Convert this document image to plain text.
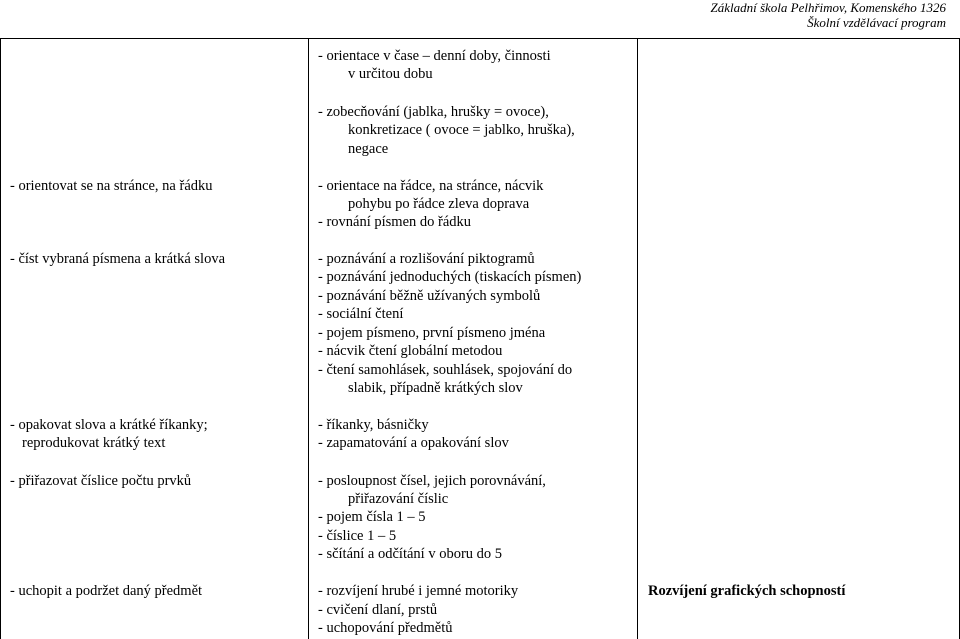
Základní škola Pelhřimov, Komenského 1326
Školní vzdělávací program
- orientovat se na stránce, na řádku
- číst vybraná písmena a krátká slova
- opakovat slova a krátké říkanky;
reprodukovat krátký text
- přiřazovat číslice počtu prvků
- uchopit a podržet daný předmět
- orientace v čase – denní doby, činnosti
v určitou dobu
- zobecňování (jablka, hrušky = ovoce),
konkretizace ( ovoce = jablko, hruška),
negace
- orientace na řádce, na stránce, nácvik
pohybu po řádce zleva doprava
- rovnání písmen do řádku
- poznávání a rozlišování piktogramů
- poznávání jednoduchých (tiskacích písmen)
- poznávání běžně užívaných symbolů
- sociální čtení
- pojem písmeno, první písmeno jména
- nácvik čtení globální metodou
- čtení samohlásek, souhlásek, spojování do
slabik, případně krátkých slov
- říkanky, básničky
- zapamatování a opakování slov
- posloupnost čísel, jejich porovnávání,
přiřazování číslic
- pojem čísla 1 – 5
- číslice 1 – 5
- sčítání a odčítání v oboru do 5
- rozvíjení hrubé i jemné motoriky
- cvičení dlaní, prstů
- uchopování předmětů
Rozvíjení grafických schopností
